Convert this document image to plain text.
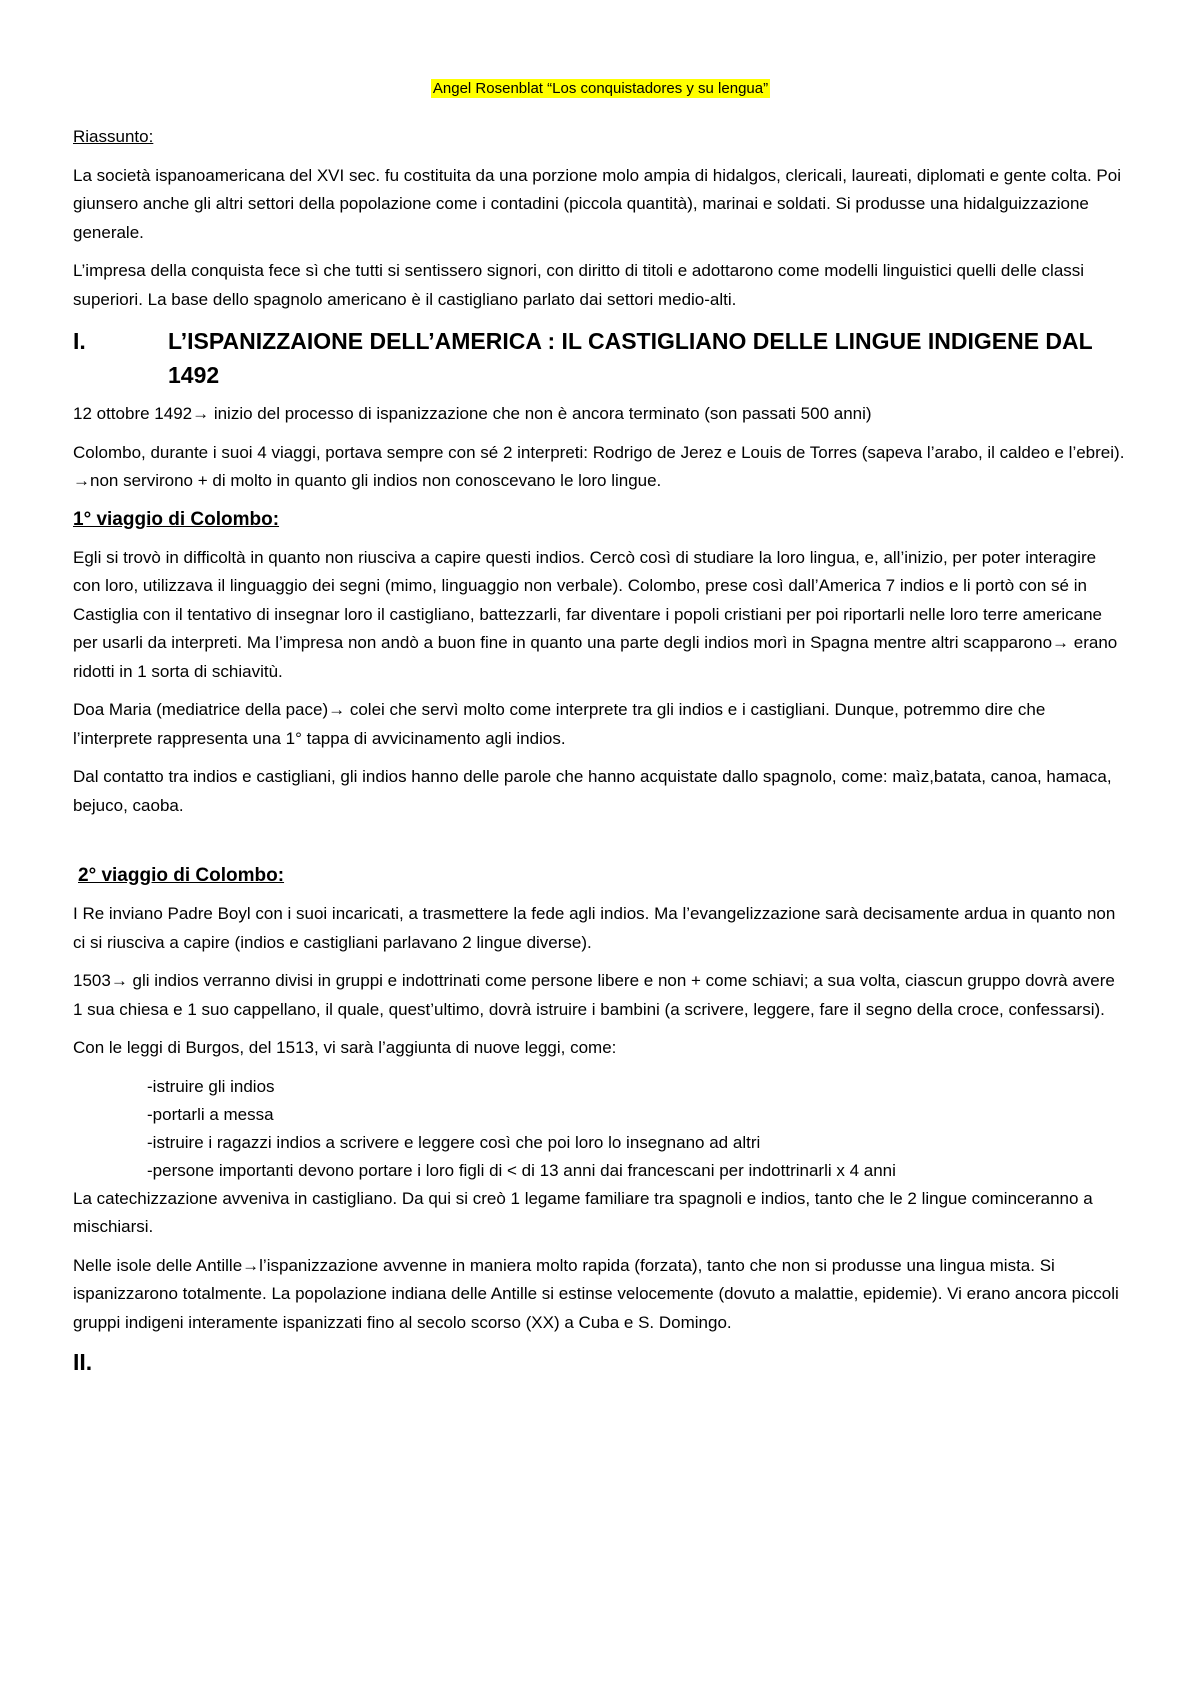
Angel Rosenblat “Los conquistadores y su lengua”

Riassunto:

La società ispanoamericana del XVI sec. fu costituita da una porzione molo ampia di hidalgos, clericali, laureati, diplomati e gente colta. Poi giunsero anche gli altri settori della popolazione come i contadini (piccola quantità), marinai e soldati. Si produsse una hidalguizzazione generale.

L’impresa della conquista fece sì che tutti si sentissero signori, con diritto di titoli e adottarono come modelli linguistici quelli delle classi superiori. La base dello spagnolo americano è il castigliano parlato dai settori medio-alti.

I.	L’ISPANIZZAIONE DELL’AMERICA : IL CASTIGLIANO DELLE LINGUE INDIGENE DAL 1492

12 ottobre 1492→ inizio del processo di ispanizzazione che non è ancora terminato (son passati 500 anni)

Colombo, durante i suoi 4 viaggi, portava sempre con sé 2 interpreti: Rodrigo de Jerez e Louis de Torres (sapeva l’arabo, il caldeo e l’ebrei). →non servirono + di molto in quanto gli indios non conoscevano le loro lingue.

1° viaggio di Colombo:

Egli si trovò in difficoltà in quanto non riusciva a capire questi indios. Cercò così di studiare la loro lingua, e, all’inizio, per poter interagire con loro, utilizzava il linguaggio dei segni (mimo, linguaggio non verbale). Colombo, prese così dall’America 7 indios e li portò con sé in Castiglia con il tentativo di insegnar loro il castigliano, battezzarli, far diventare i popoli cristiani per poi riportarli nelle loro terre americane per usarli da interpreti. Ma l’impresa non andò a buon fine in quanto una parte degli indios morì in Spagna mentre altri scapparono→ erano ridotti in 1 sorta di schiavitù.

Doa Maria (mediatrice della pace)→ colei che servì molto come interprete tra gli indios e i castigliani. Dunque, potremmo dire che l’interprete rappresenta una 1° tappa di avvicinamento agli indios.

Dal contatto tra indios e castigliani, gli indios hanno delle parole che hanno acquistate dallo spagnolo, come: maìz,batata, canoa, hamaca, bejuco, caoba.

2° viaggio di Colombo:

I Re inviano Padre Boyl con i suoi incaricati, a trasmettere la fede agli indios. Ma l’evangelizzazione sarà decisamente ardua in quanto non ci si riusciva a capire (indios e castigliani parlavano 2 lingue diverse).

1503→ gli indios verranno divisi in gruppi e indottrinati come persone libere e non + come schiavi; a sua volta, ciascun gruppo dovrà avere 1 sua chiesa e 1 suo cappellano, il quale, quest’ultimo, dovrà istruire i bambini (a scrivere, leggere, fare il segno della croce, confessarsi).

Con le leggi di Burgos, del 1513, vi sarà l’aggiunta di nuove leggi, come:

-istruire gli indios
-portarli a messa
-istruire i ragazzi indios a scrivere e leggere così che poi loro lo insegnano ad altri
-persone importanti devono portare i loro figli di < di 13 anni dai francescani per indottrinarli x 4 anni

La catechizzazione avveniva in castigliano. Da qui si creò 1 legame familiare tra spagnoli e indios, tanto che le 2 lingue cominceranno a mischiarsi.

Nelle isole delle Antille→l’ispanizzazione avvenne in maniera molto rapida (forzata), tanto che non si produsse una lingua mista. Si ispanizzarono totalmente. La popolazione indiana delle Antille si estinse velocemente (dovuto a malattie, epidemie). Vi erano ancora piccoli gruppi indigeni interamente ispanizzati fino al secolo scorso (XX) a Cuba e S. Domingo.

II.
